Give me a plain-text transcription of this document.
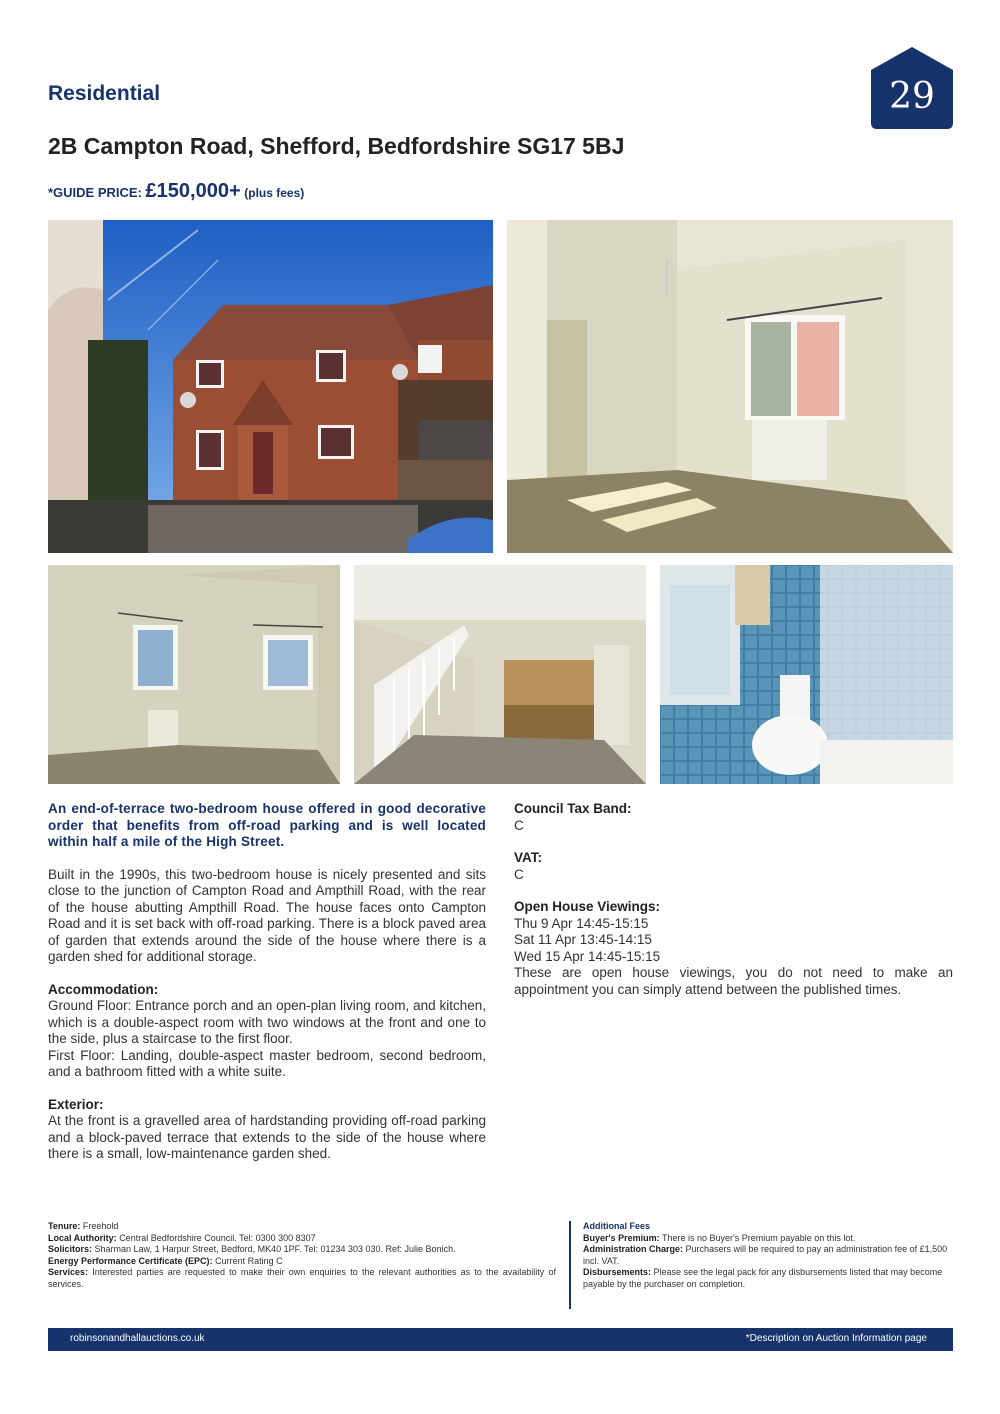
Residential	29
2B Campton Road, Shefford, Bedfordshire SG17 5BJ
*GUIDE PRICE: £150,000+ (plus fees)

An end-of-terrace two-bedroom house offered in good decorative order that benefits from off-road parking and is well located within half a mile of the High Street.

Built in the 1990s, this two-bedroom house is nicely presented and sits close to the junction of Campton Road and Ampthill Road, with the rear of the house abutting Ampthill Road. The house faces onto Campton Road and it is set back with off-road parking. There is a block paved area of garden that extends around the side of the house where there is a garden shed for additional storage.

Accommodation:
Ground Floor: Entrance porch and an open-plan living room, and kitchen, which is a double-aspect room with two windows at the front and one to the side, plus a staircase to the first floor.
First Floor: Landing, double-aspect master bedroom, second bedroom, and a bathroom fitted with a white suite.

Exterior:
At the front is a gravelled area of hardstanding providing off-road parking and a block-paved terrace that extends to the side of the house where there is a small, low-maintenance garden shed.

Council Tax Band:
C

VAT:
C

Open House Viewings:
Thu 9 Apr 14:45-15:15
Sat 11 Apr 13:45-14:15
Wed 15 Apr 14:45-15:15
These are open house viewings, you do not need to make an appointment you can simply attend between the published times.

Tenure: Freehold
Local Authority: Central Bedfordshire Council. Tel: 0300 300 8307
Solicitors: Sharman Law, 1 Harpur Street, Bedford, MK40 1PF. Tel: 01234 303 030. Ref: Julie Bonich.
Energy Performance Certificate (EPC): Current Rating C
Services: Interested parties are requested to make their own enquiries to the relevant authorities as to the availability of services.
Additional Fees
Buyer's Premium: There is no Buyer's Premium payable on this lot.
Administration Charge: Purchasers will be required to pay an administration fee of £1,500 incl. VAT.
Disbursements: Please see the legal pack for any disbursements listed that may become payable by the purchaser on completion.
robinsonandhallauctions.co.uk	*Description on Auction Information page
